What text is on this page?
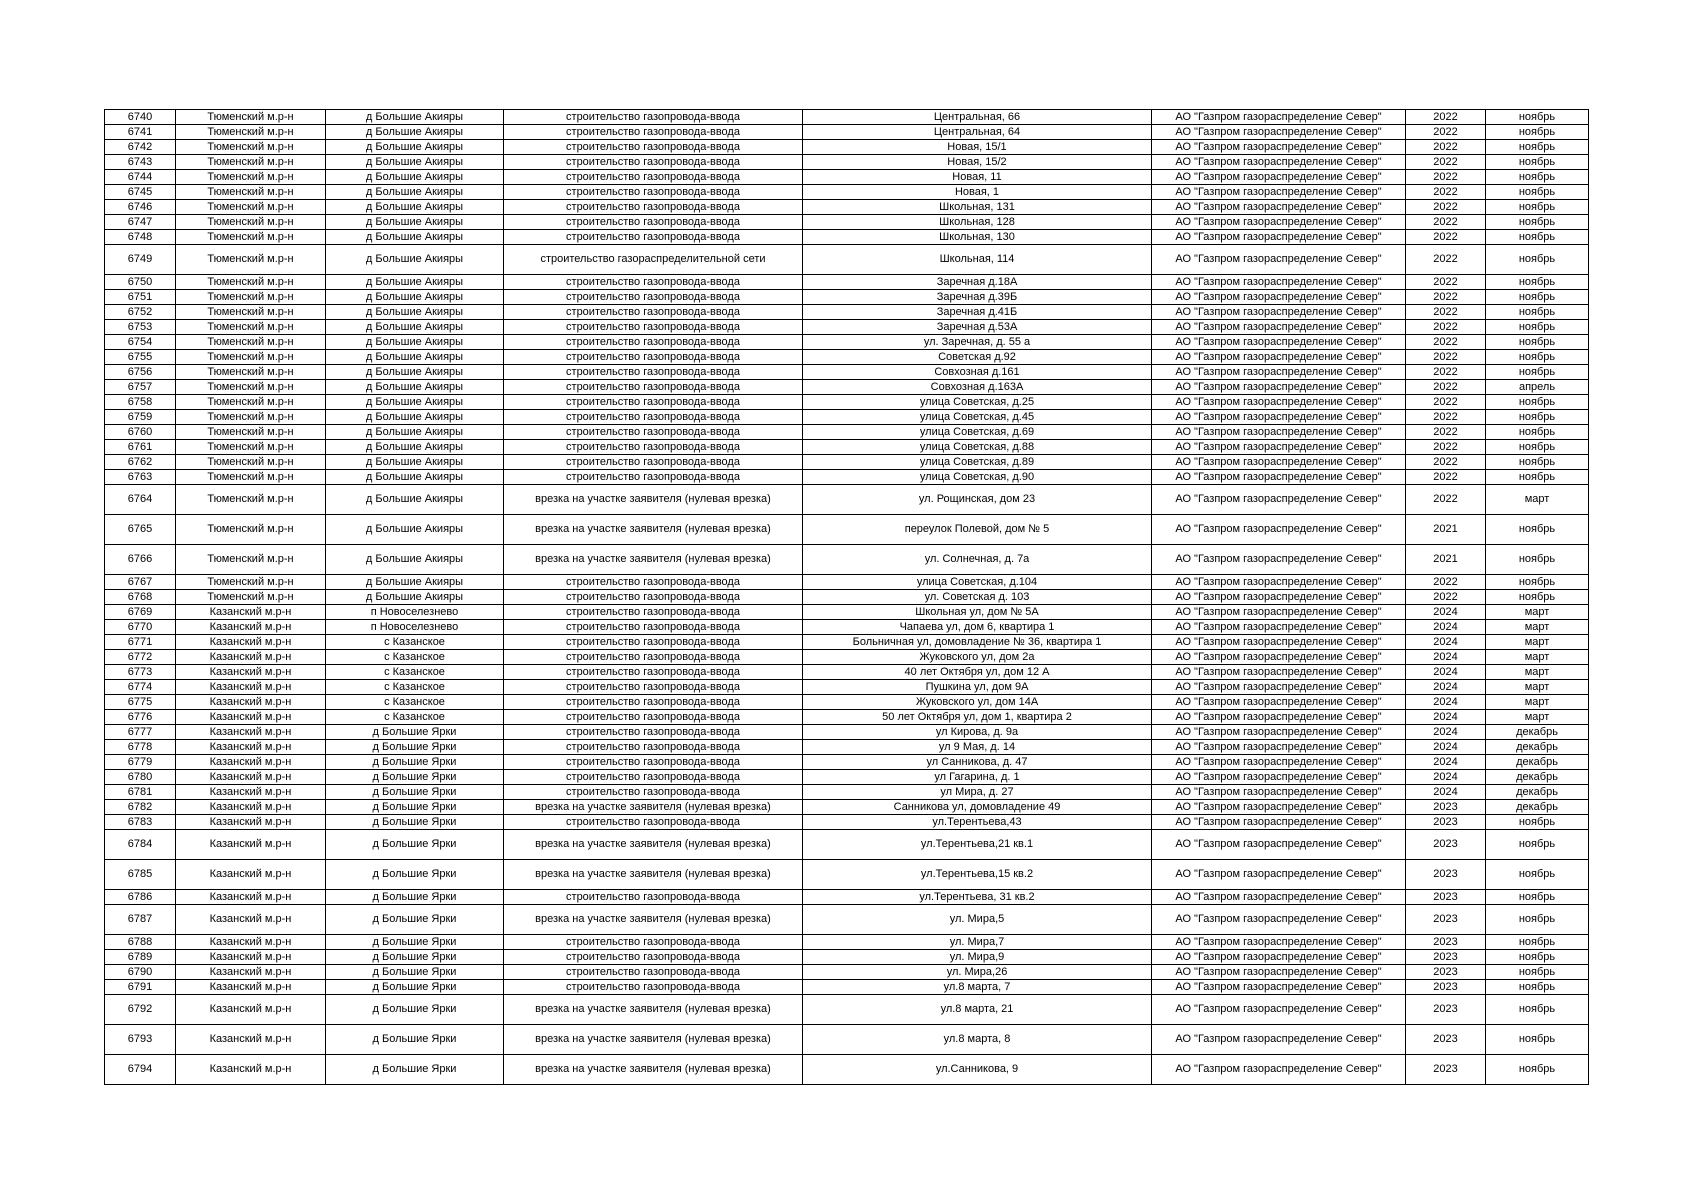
6740	Тюменский м.р-н	д Большие Акияры	строительство газопровода-ввода	Центральная, 66	АО "Газпром газораспределение Север"	2022	ноябрь
6741	Тюменский м.р-н	д Большие Акияры	строительство газопровода-ввода	Центральная, 64	АО "Газпром газораспределение Север"	2022	ноябрь
6742	Тюменский м.р-н	д Большие Акияры	строительство газопровода-ввода	Новая, 15/1	АО "Газпром газораспределение Север"	2022	ноябрь
6743	Тюменский м.р-н	д Большие Акияры	строительство газопровода-ввода	Новая, 15/2	АО "Газпром газораспределение Север"	2022	ноябрь
6744	Тюменский м.р-н	д Большие Акияры	строительство газопровода-ввода	Новая, 11	АО "Газпром газораспределение Север"	2022	ноябрь
6745	Тюменский м.р-н	д Большие Акияры	строительство газопровода-ввода	Новая, 1	АО "Газпром газораспределение Север"	2022	ноябрь
6746	Тюменский м.р-н	д Большие Акияры	строительство газопровода-ввода	Школьная, 131	АО "Газпром газораспределение Север"	2022	ноябрь
6747	Тюменский м.р-н	д Большие Акияры	строительство газопровода-ввода	Школьная, 128	АО "Газпром газораспределение Север"	2022	ноябрь
6748	Тюменский м.р-н	д Большие Акияры	строительство газопровода-ввода	Школьная, 130	АО "Газпром газораспределение Север"	2022	ноябрь
6749	Тюменский м.р-н	д Большие Акияры	строительство газораспределительной сети	Школьная, 114	АО "Газпром газораспределение Север"	2022	ноябрь
6750	Тюменский м.р-н	д Большие Акияры	строительство газопровода-ввода	Заречная д.18А	АО "Газпром газораспределение Север"	2022	ноябрь
6751	Тюменский м.р-н	д Большие Акияры	строительство газопровода-ввода	Заречная д.39Б	АО "Газпром газораспределение Север"	2022	ноябрь
6752	Тюменский м.р-н	д Большие Акияры	строительство газопровода-ввода	Заречная д.41Б	АО "Газпром газораспределение Север"	2022	ноябрь
6753	Тюменский м.р-н	д Большие Акияры	строительство газопровода-ввода	Заречная д.53А	АО "Газпром газораспределение Север"	2022	ноябрь
6754	Тюменский м.р-н	д Большие Акияры	строительство газопровода-ввода	ул. Заречная, д. 55 а	АО "Газпром газораспределение Север"	2022	ноябрь
6755	Тюменский м.р-н	д Большие Акияры	строительство газопровода-ввода	Советская д.92	АО "Газпром газораспределение Север"	2022	ноябрь
6756	Тюменский м.р-н	д Большие Акияры	строительство газопровода-ввода	Совхозная д.161	АО "Газпром газораспределение Север"	2022	ноябрь
6757	Тюменский м.р-н	д Большие Акияры	строительство газопровода-ввода	Совхозная д.163А	АО "Газпром газораспределение Север"	2022	апрель
6758	Тюменский м.р-н	д Большие Акияры	строительство газопровода-ввода	улица Советская, д.25	АО "Газпром газораспределение Север"	2022	ноябрь
6759	Тюменский м.р-н	д Большие Акияры	строительство газопровода-ввода	улица Советская, д.45	АО "Газпром газораспределение Север"	2022	ноябрь
6760	Тюменский м.р-н	д Большие Акияры	строительство газопровода-ввода	улица Советская, д.69	АО "Газпром газораспределение Север"	2022	ноябрь
6761	Тюменский м.р-н	д Большие Акияры	строительство газопровода-ввода	улица Советская, д.88	АО "Газпром газораспределение Север"	2022	ноябрь
6762	Тюменский м.р-н	д Большие Акияры	строительство газопровода-ввода	улица Советская, д.89	АО "Газпром газораспределение Север"	2022	ноябрь
6763	Тюменский м.р-н	д Большие Акияры	строительство газопровода-ввода	улица Советская, д.90	АО "Газпром газораспределение Север"	2022	ноябрь
6764	Тюменский м.р-н	д Большие Акияры	врезка на участке заявителя (нулевая врезка)	ул. Рощинская, дом 23	АО "Газпром газораспределение Север"	2022	март
6765	Тюменский м.р-н	д Большие Акияры	врезка на участке заявителя (нулевая врезка)	переулок Полевой, дом № 5	АО "Газпром газораспределение Север"	2021	ноябрь
6766	Тюменский м.р-н	д Большие Акияры	врезка на участке заявителя (нулевая врезка)	ул. Солнечная, д. 7а	АО "Газпром газораспределение Север"	2021	ноябрь
6767	Тюменский м.р-н	д Большие Акияры	строительство газопровода-ввода	улица Советская, д.104	АО "Газпром газораспределение Север"	2022	ноябрь
6768	Тюменский м.р-н	д Большие Акияры	строительство газопровода-ввода	ул. Советская д. 103	АО "Газпром газораспределение Север"	2022	ноябрь
6769	Казанский м.р-н	п Новоселезнево	строительство газопровода-ввода	Школьная ул, дом № 5А	АО "Газпром газораспределение Север"	2024	март
6770	Казанский м.р-н	п Новоселезнево	строительство газопровода-ввода	Чапаева ул, дом 6, квартира 1	АО "Газпром газораспределение Север"	2024	март
6771	Казанский м.р-н	с Казанское	строительство газопровода-ввода	Больничная ул, домовладение № 36, квартира 1	АО "Газпром газораспределение Север"	2024	март
6772	Казанский м.р-н	с Казанское	строительство газопровода-ввода	Жуковского ул, дом 2а	АО "Газпром газораспределение Север"	2024	март
6773	Казанский м.р-н	с Казанское	строительство газопровода-ввода	40 лет Октября ул, дом 12 А	АО "Газпром газораспределение Север"	2024	март
6774	Казанский м.р-н	с Казанское	строительство газопровода-ввода	Пушкина ул, дом 9А	АО "Газпром газораспределение Север"	2024	март
6775	Казанский м.р-н	с Казанское	строительство газопровода-ввода	Жуковского ул, дом 14А	АО "Газпром газораспределение Север"	2024	март
6776	Казанский м.р-н	с Казанское	строительство газопровода-ввода	50 лет Октября ул, дом 1, квартира 2	АО "Газпром газораспределение Север"	2024	март
6777	Казанский м.р-н	д Большие Ярки	строительство газопровода-ввода	ул Кирова, д. 9а	АО "Газпром газораспределение Север"	2024	декабрь
6778	Казанский м.р-н	д Большие Ярки	строительство газопровода-ввода	ул 9 Мая, д. 14	АО "Газпром газораспределение Север"	2024	декабрь
6779	Казанский м.р-н	д Большие Ярки	строительство газопровода-ввода	ул Санникова, д. 47	АО "Газпром газораспределение Север"	2024	декабрь
6780	Казанский м.р-н	д Большие Ярки	строительство газопровода-ввода	ул Гагарина, д. 1	АО "Газпром газораспределение Север"	2024	декабрь
6781	Казанский м.р-н	д Большие Ярки	строительство газопровода-ввода	ул Мира, д. 27	АО "Газпром газораспределение Север"	2024	декабрь
6782	Казанский м.р-н	д Большие Ярки	врезка на участке заявителя (нулевая врезка)	Санникова ул, домовладение 49	АО "Газпром газораспределение Север"	2023	декабрь
6783	Казанский м.р-н	д Большие Ярки	строительство газопровода-ввода	ул.Терентьева,43	АО "Газпром газораспределение Север"	2023	ноябрь
6784	Казанский м.р-н	д Большие Ярки	врезка на участке заявителя (нулевая врезка)	ул.Терентьева,21 кв.1	АО "Газпром газораспределение Север"	2023	ноябрь
6785	Казанский м.р-н	д Большие Ярки	врезка на участке заявителя (нулевая врезка)	ул.Терентьева,15 кв.2	АО "Газпром газораспределение Север"	2023	ноябрь
6786	Казанский м.р-н	д Большие Ярки	строительство газопровода-ввода	ул.Терентьева, 31 кв.2	АО "Газпром газораспределение Север"	2023	ноябрь
6787	Казанский м.р-н	д Большие Ярки	врезка на участке заявителя (нулевая врезка)	ул. Мира,5	АО "Газпром газораспределение Север"	2023	ноябрь
6788	Казанский м.р-н	д Большие Ярки	строительство газопровода-ввода	ул. Мира,7	АО "Газпром газораспределение Север"	2023	ноябрь
6789	Казанский м.р-н	д Большие Ярки	строительство газопровода-ввода	ул. Мира,9	АО "Газпром газораспределение Север"	2023	ноябрь
6790	Казанский м.р-н	д Большие Ярки	строительство газопровода-ввода	ул. Мира,26	АО "Газпром газораспределение Север"	2023	ноябрь
6791	Казанский м.р-н	д Большие Ярки	строительство газопровода-ввода	ул.8 марта, 7	АО "Газпром газораспределение Север"	2023	ноябрь
6792	Казанский м.р-н	д Большие Ярки	врезка на участке заявителя (нулевая врезка)	ул.8 марта, 21	АО "Газпром газораспределение Север"	2023	ноябрь
6793	Казанский м.р-н	д Большие Ярки	врезка на участке заявителя (нулевая врезка)	ул.8 марта, 8	АО "Газпром газораспределение Север"	2023	ноябрь
6794	Казанский м.р-н	д Большие Ярки	врезка на участке заявителя (нулевая врезка)	ул.Санникова, 9	АО "Газпром газораспределение Север"	2023	ноябрь
